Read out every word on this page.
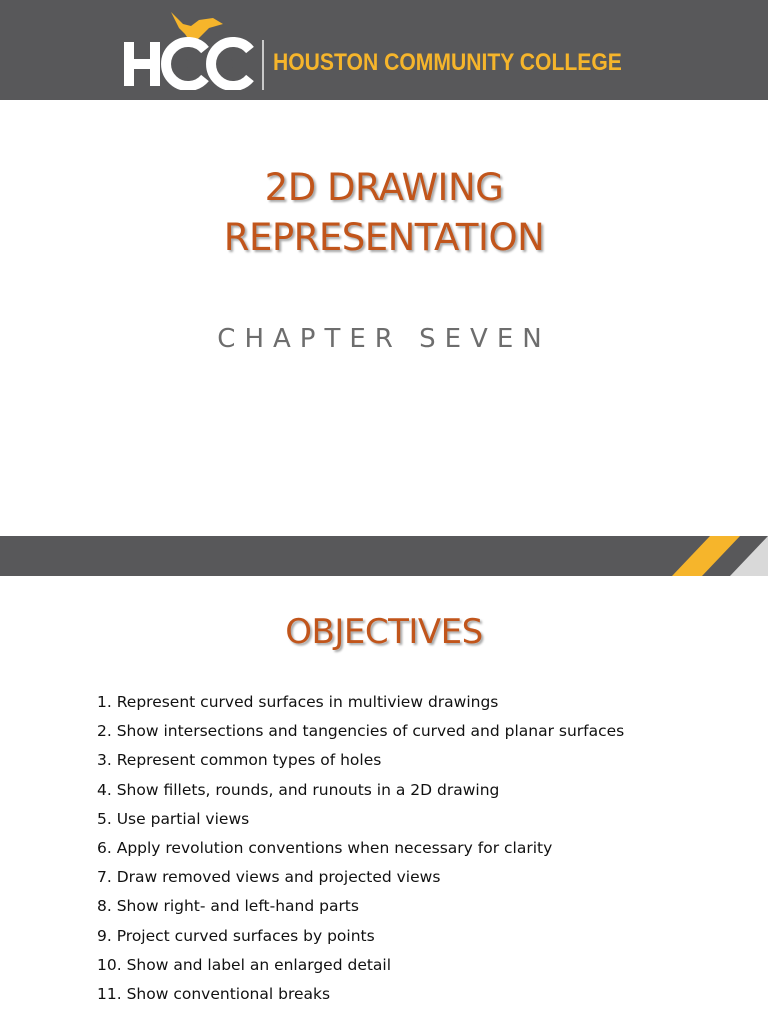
HOUSTON COMMUNITY COLLEGE
2D DRAWING
REPRESENTATION
CHAPTER SEVEN
OBJECTIVES
1. Represent curved surfaces in multiview drawings
2. Show intersections and tangencies of curved and planar surfaces
3. Represent common types of holes
4. Show fillets, rounds, and runouts in a 2D drawing
5. Use partial views
6. Apply revolution conventions when necessary for clarity
7. Draw removed views and projected views
8. Show right- and left-hand parts
9. Project curved surfaces by points
10. Show and label an enlarged detail
11. Show conventional breaks
